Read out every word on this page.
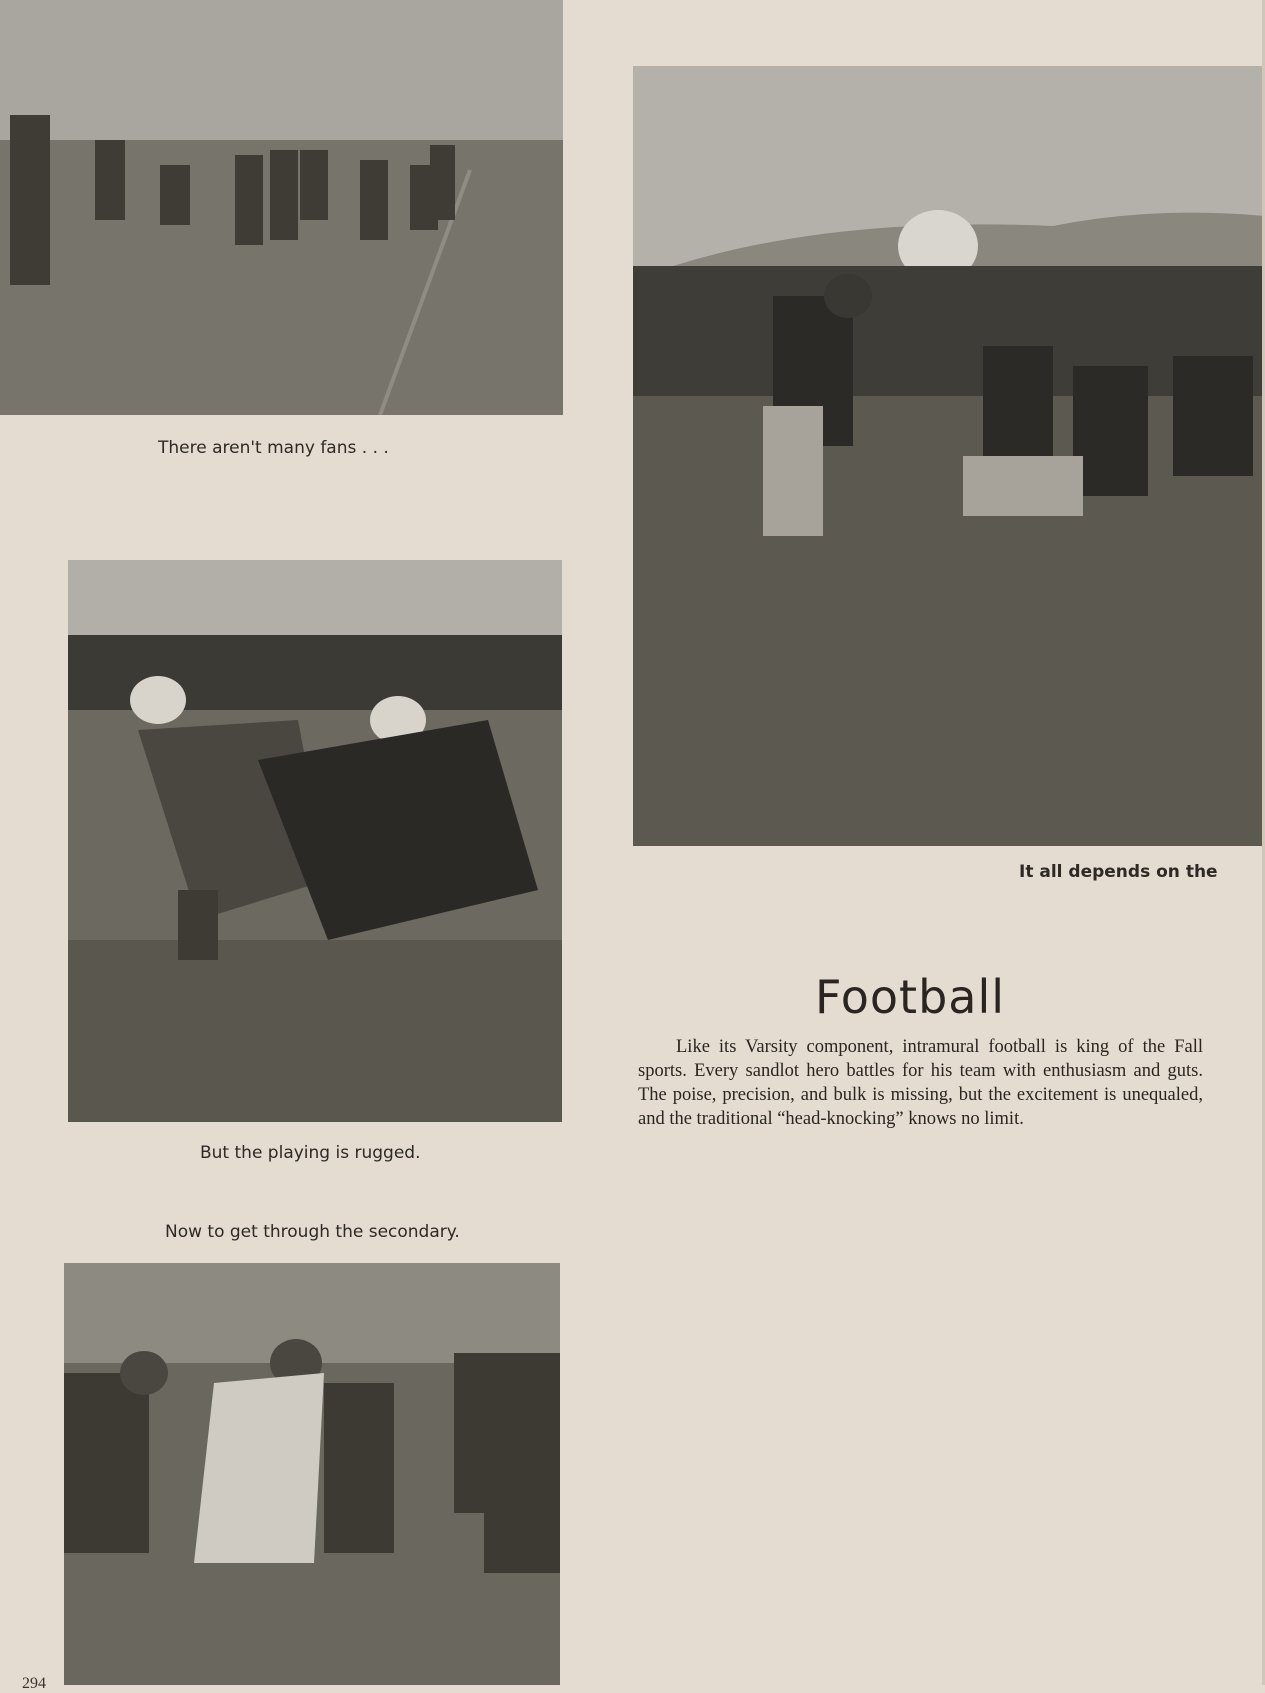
There aren't many fans . . .
But the playing is rugged.
Now to get through the secondary.
It all depends on the
Football
Like its Varsity component, intramural football is king of the Fall sports. Every sandlot hero battles for his team with enthusiasm and guts. The poise, precision, and bulk is missing, but the excitement is unequaled, and the traditional “head-knocking” knows no limit.
294
